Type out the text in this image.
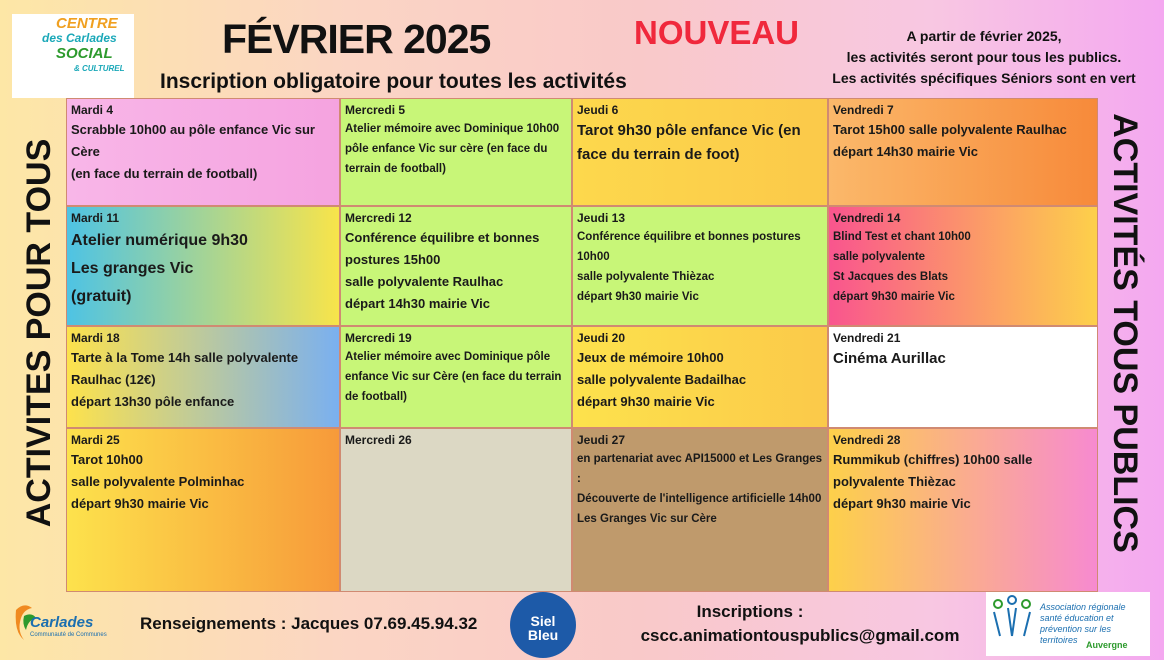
CENTRE
des Carlades
SOCIAL
& CULTUREL
FÉVRIER 2025
Inscription obligatoire pour toutes les activités
NOUVEAU	A partir de février 2025,
les activités seront pour tous les publics.
Les activités spécifiques Séniors sont en vert
ACTIVITES POUR TOUS	ACTIVITÉS TOUS PUBLICS
Mardi 4
Scrabble 10h00 au pôle enfance Vic sur Cère
(en face du terrain de football)
Mercredi 5
Atelier mémoire avec Dominique 10h00 pôle enfance Vic sur cère (en face du terrain de football)
Jeudi 6
Tarot 9h30 pôle enfance Vic (en face du terrain de foot)
Vendredi 7
Tarot 15h00 salle polyvalente Raulhac départ 14h30 mairie Vic
Mardi 11
Atelier numérique 9h30
Les granges Vic
(gratuit)
Mercredi 12
Conférence équilibre et bonnes postures 15h00
salle polyvalente Raulhac
départ 14h30 mairie Vic
Jeudi 13
Conférence équilibre et bonnes postures 10h00
salle polyvalente Thièzac
départ 9h30 mairie Vic
Vendredi 14
Blind Test et chant 10h00
salle polyvalente
St Jacques des Blats
départ 9h30 mairie Vic
Mardi 18
Tarte à la Tome 14h salle polyvalente Raulhac (12€)
départ 13h30 pôle enfance
Mercredi 19
Atelier mémoire avec Dominique pôle enfance Vic sur Cère (en face du terrain de football)
Jeudi 20
Jeux de mémoire 10h00
salle polyvalente Badailhac
départ 9h30 mairie Vic
Vendredi 21
Cinéma Aurillac
Mardi 25
Tarot 10h00
salle polyvalente Polminhac
départ 9h30 mairie Vic
Mercredi 26	Jeudi 27
en partenariat avec API15000 et Les Granges :
Découverte de l'intelligence artificielle 14h00 Les Granges Vic sur Cère
Vendredi 28
Rummikub (chiffres) 10h00 salle polyvalente Thièzac
départ 9h30 mairie Vic
Carlades
Communauté de Communes
Renseignements : Jacques 07.69.45.94.32	Siel
Bleu
Inscriptions :
cscc.animationtouspublics@gmail.com
Association régionale santé éducation et prévention sur les territoires Auvergne
